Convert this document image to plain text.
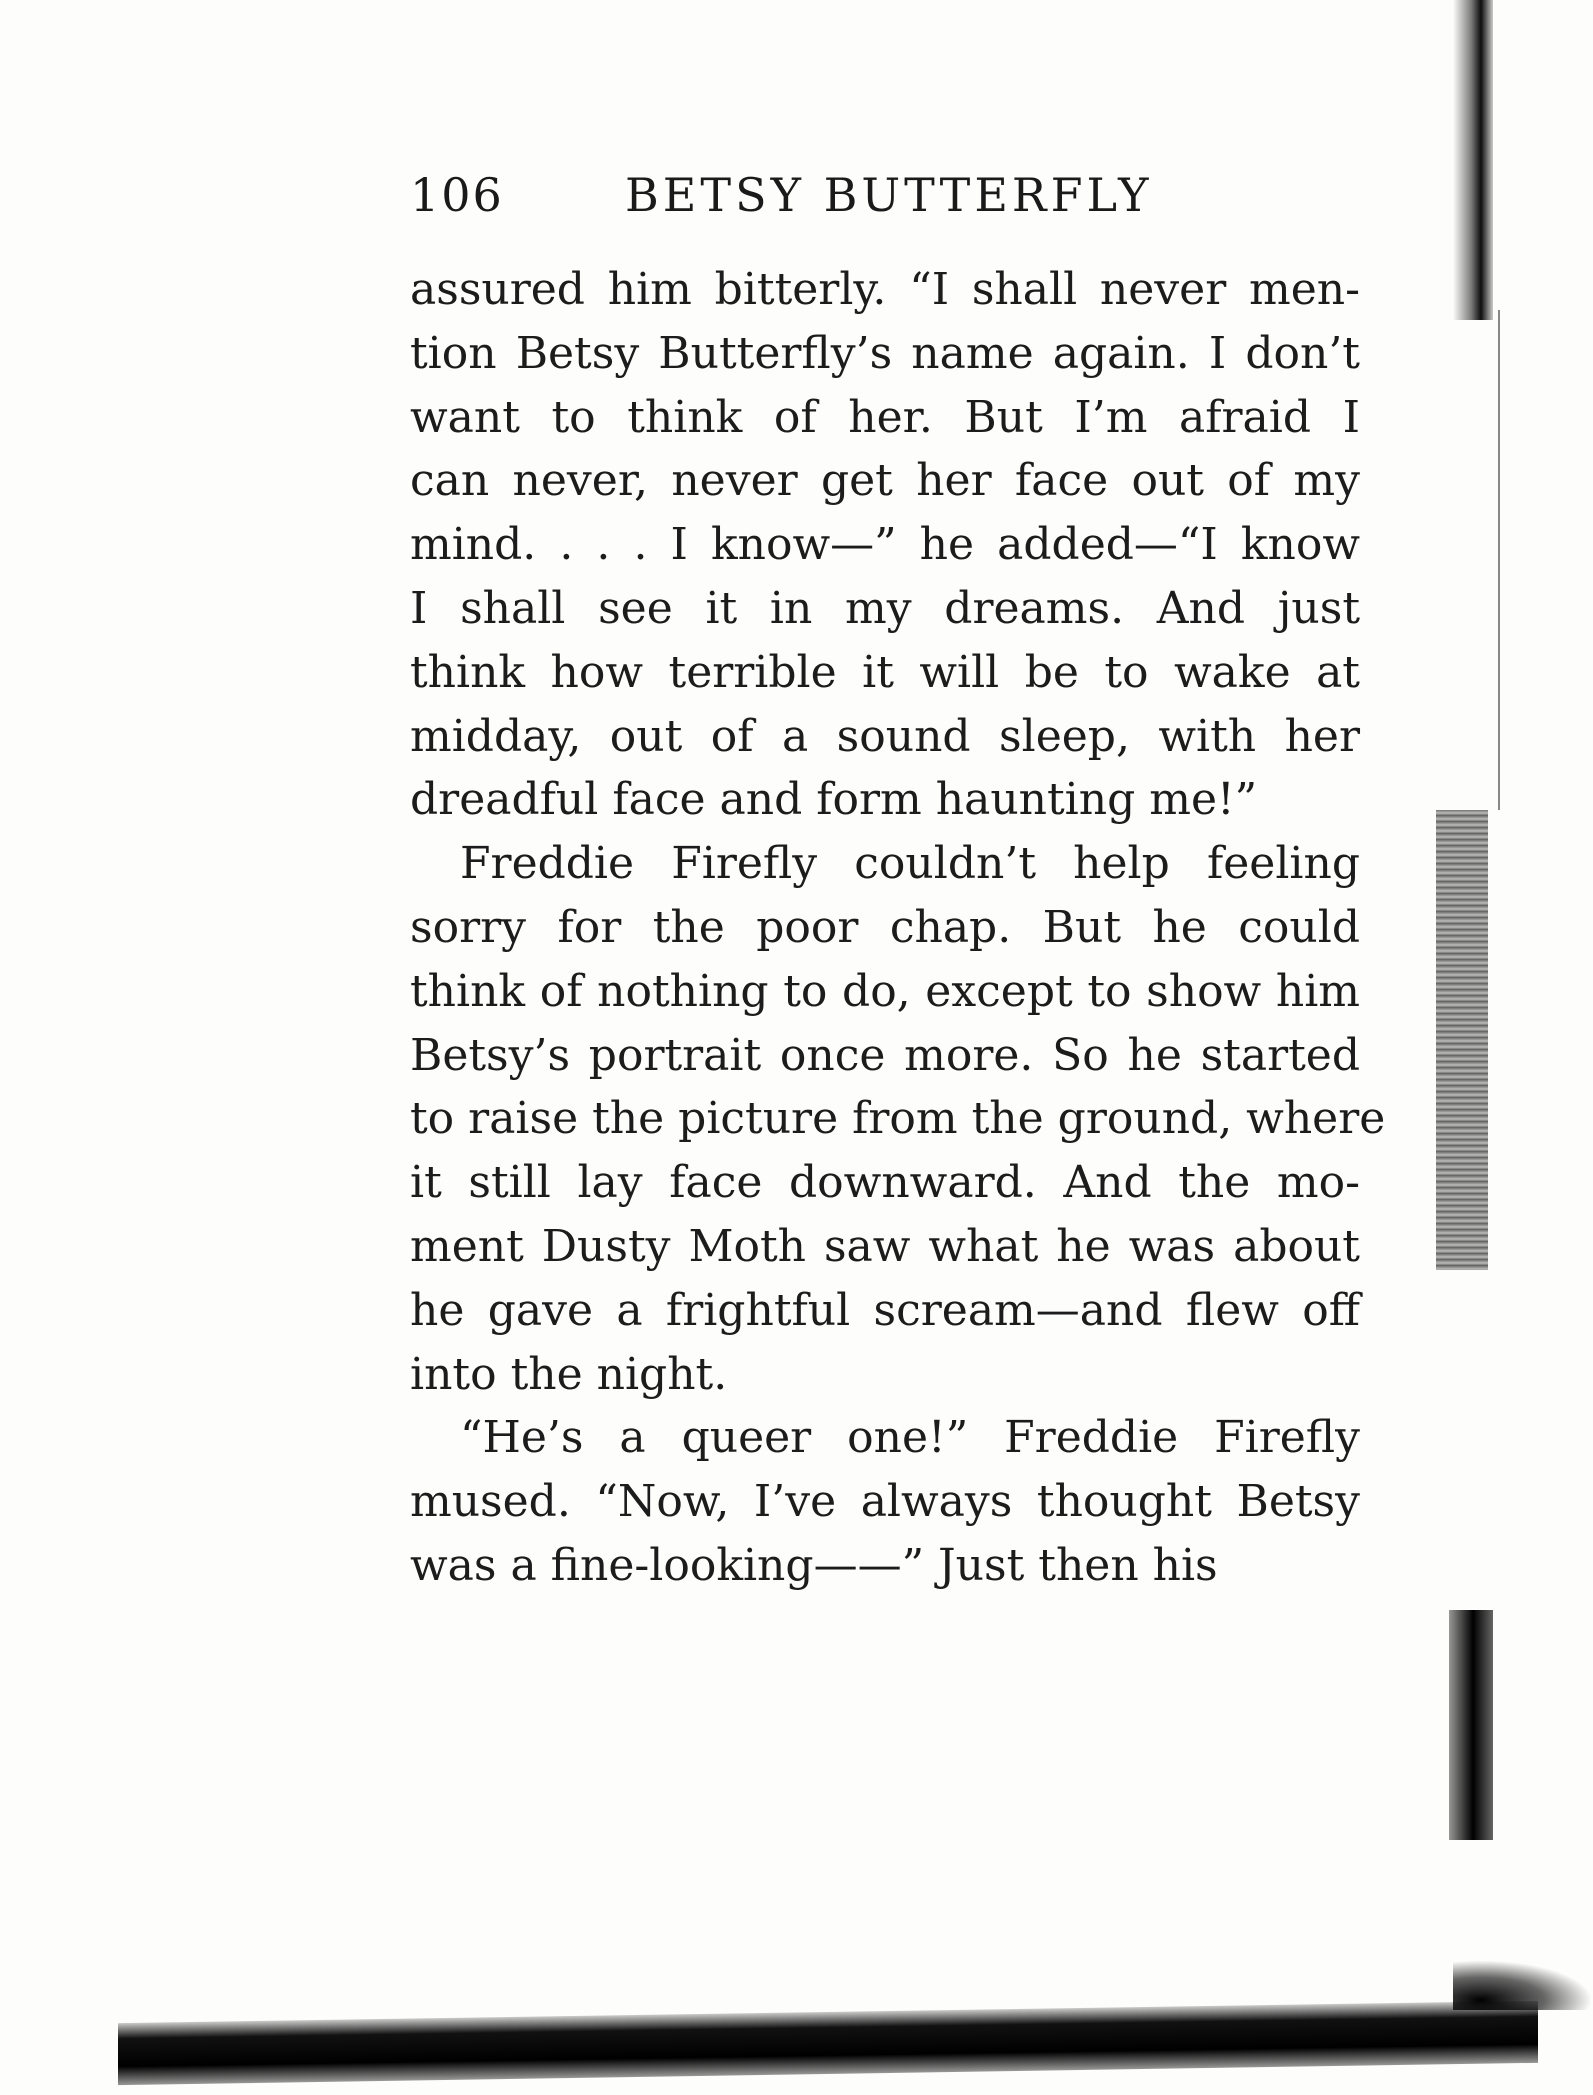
106	BETSY BUTTERFLY
assured him bitterly. “I shall never men-
tion Betsy Butterfly’s name again. I don’t
want to think of her. But I’m afraid I
can never, never get her face out of my
mind. . . . I know—” he added—“I know
I shall see it in my dreams. And just
think how terrible it will be to wake at
midday, out of a sound sleep, with her
dreadful face and form haunting me!”
Freddie Firefly couldn’t help feeling
sorry for the poor chap. But he could
think of nothing to do, except to show him
Betsy’s portrait once more. So he started
to raise the picture from the ground, where
it still lay face downward. And the mo-
ment Dusty Moth saw what he was about
he gave a frightful scream—and flew off
into the night.
“He’s a queer one!” Freddie Firefly
mused. “Now, I’ve always thought Betsy
was a fine-looking——” Just then his
